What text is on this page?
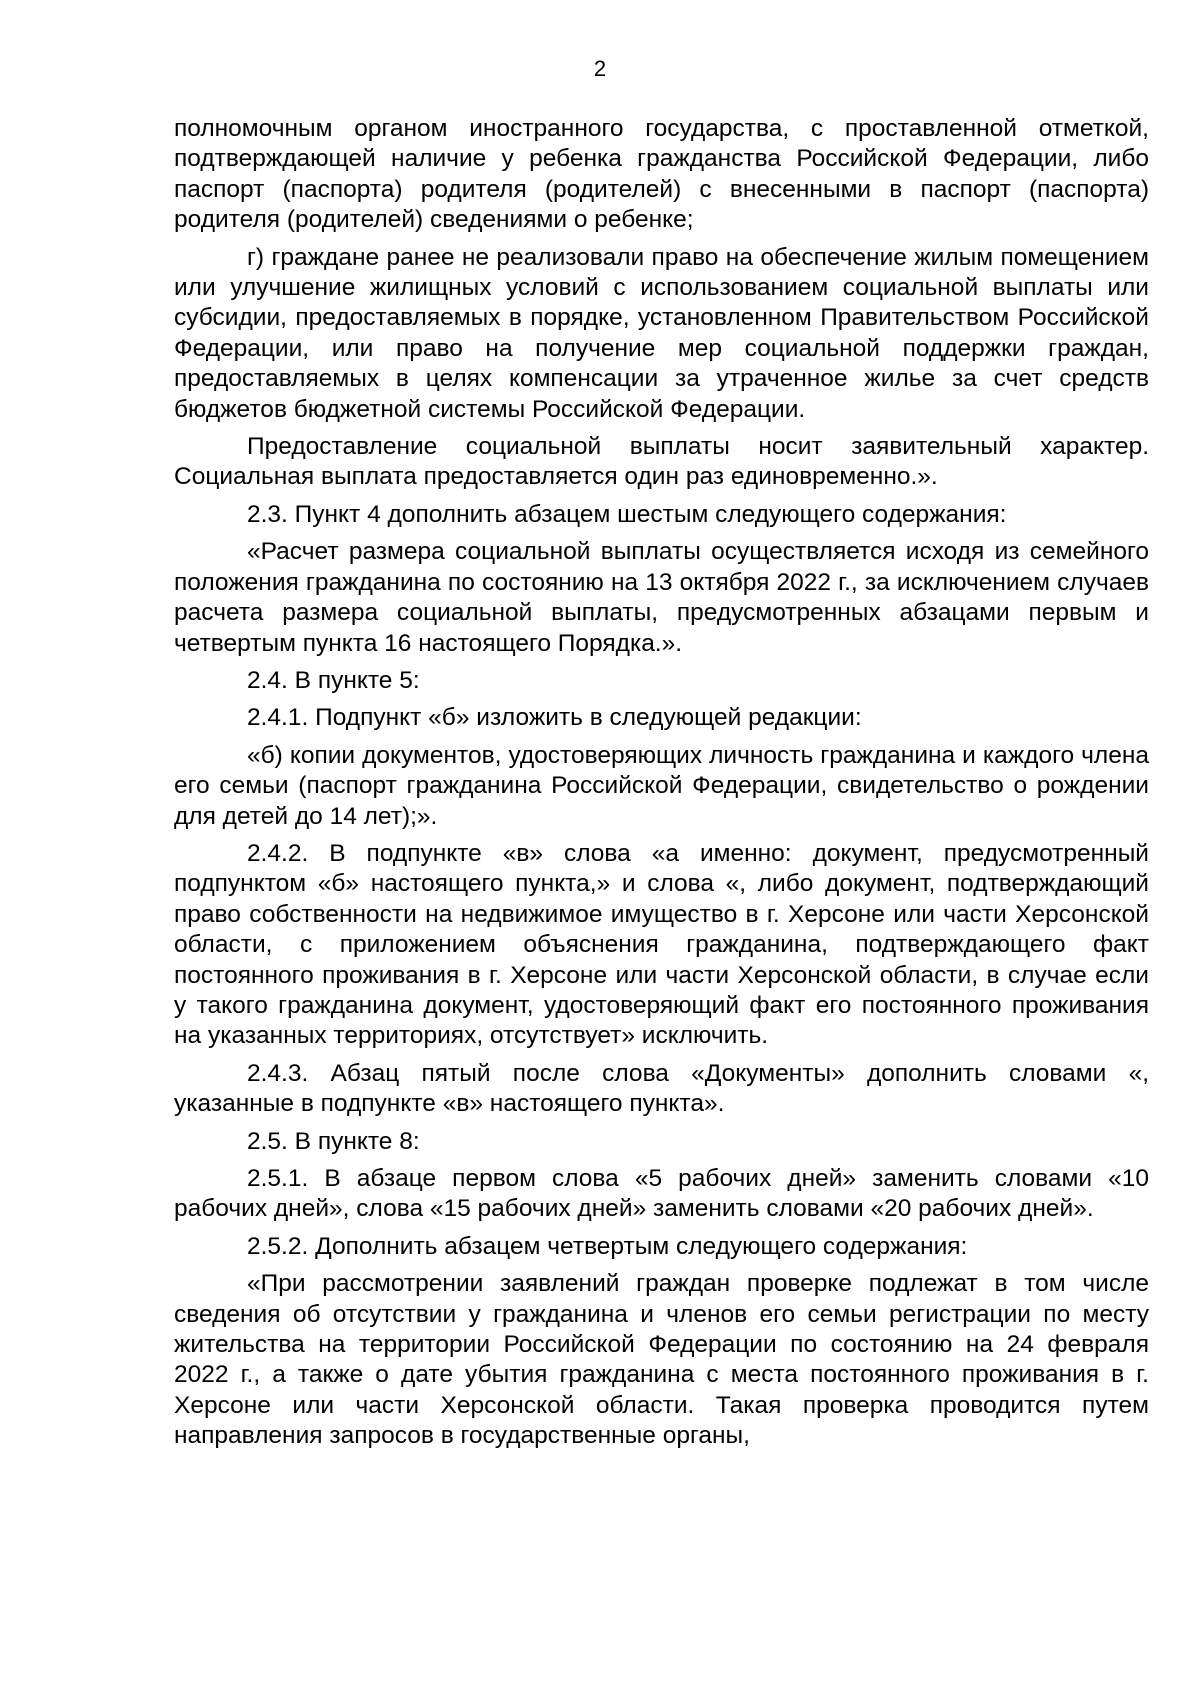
2

полномочным органом иностранного государства, с проставленной отметкой, подтверждающей наличие у ребенка гражданства Российской Федерации, либо паспорт (паспорта) родителя (родителей) с внесенными в паспорт (паспорта) родителя (родителей) сведениями о ребенке;

г) граждане ранее не реализовали право на обеспечение жилым помещением или улучшение жилищных условий с использованием социальной выплаты или субсидии, предоставляемых в порядке, установленном Правительством Российской Федерации, или право на получение мер социальной поддержки граждан, предоставляемых в целях компенсации за утраченное жилье за счет средств бюджетов бюджетной системы Российской Федерации.

Предоставление социальной выплаты носит заявительный характер. Социальная выплата предоставляется один раз единовременно.».

2.3. Пункт 4 дополнить абзацем шестым следующего содержания:

«Расчет размера социальной выплаты осуществляется исходя из семейного положения гражданина по состоянию на 13 октября 2022 г., за исключением случаев расчета размера социальной выплаты, предусмотренных абзацами первым и четвертым пункта 16 настоящего Порядка.».

2.4. В пункте 5:

2.4.1. Подпункт «б» изложить в следующей редакции:

«б) копии документов, удостоверяющих личность гражданина и каждого члена его семьи (паспорт гражданина Российской Федерации, свидетельство о рождении для детей до 14 лет);».

2.4.2. В подпункте «в» слова «а именно: документ, предусмотренный подпунктом «б» настоящего пункта,» и слова «, либо документ, подтверждающий право собственности на недвижимое имущество в г. Херсоне или части Херсонской области, с приложением объяснения гражданина, подтверждающего факт постоянного проживания в г. Херсоне или части Херсонской области, в случае если у такого гражданина документ, удостоверяющий факт его постоянного проживания на указанных территориях, отсутствует» исключить.

2.4.3. Абзац пятый после слова «Документы» дополнить словами «, указанные в подпункте «в» настоящего пункта».

2.5. В пункте 8:

2.5.1. В абзаце первом слова «5 рабочих дней» заменить словами «10 рабочих дней», слова «15 рабочих дней» заменить словами «20 рабочих дней».

2.5.2. Дополнить абзацем четвертым следующего содержания:

«При рассмотрении заявлений граждан проверке подлежат в том числе сведения об отсутствии у гражданина и членов его семьи регистрации по месту жительства на территории Российской Федерации по состоянию на 24 февраля 2022 г., а также о дате убытия гражданина с места постоянного проживания в г. Херсоне или части Херсонской области. Такая проверка проводится путем направления запросов в государственные органы,
